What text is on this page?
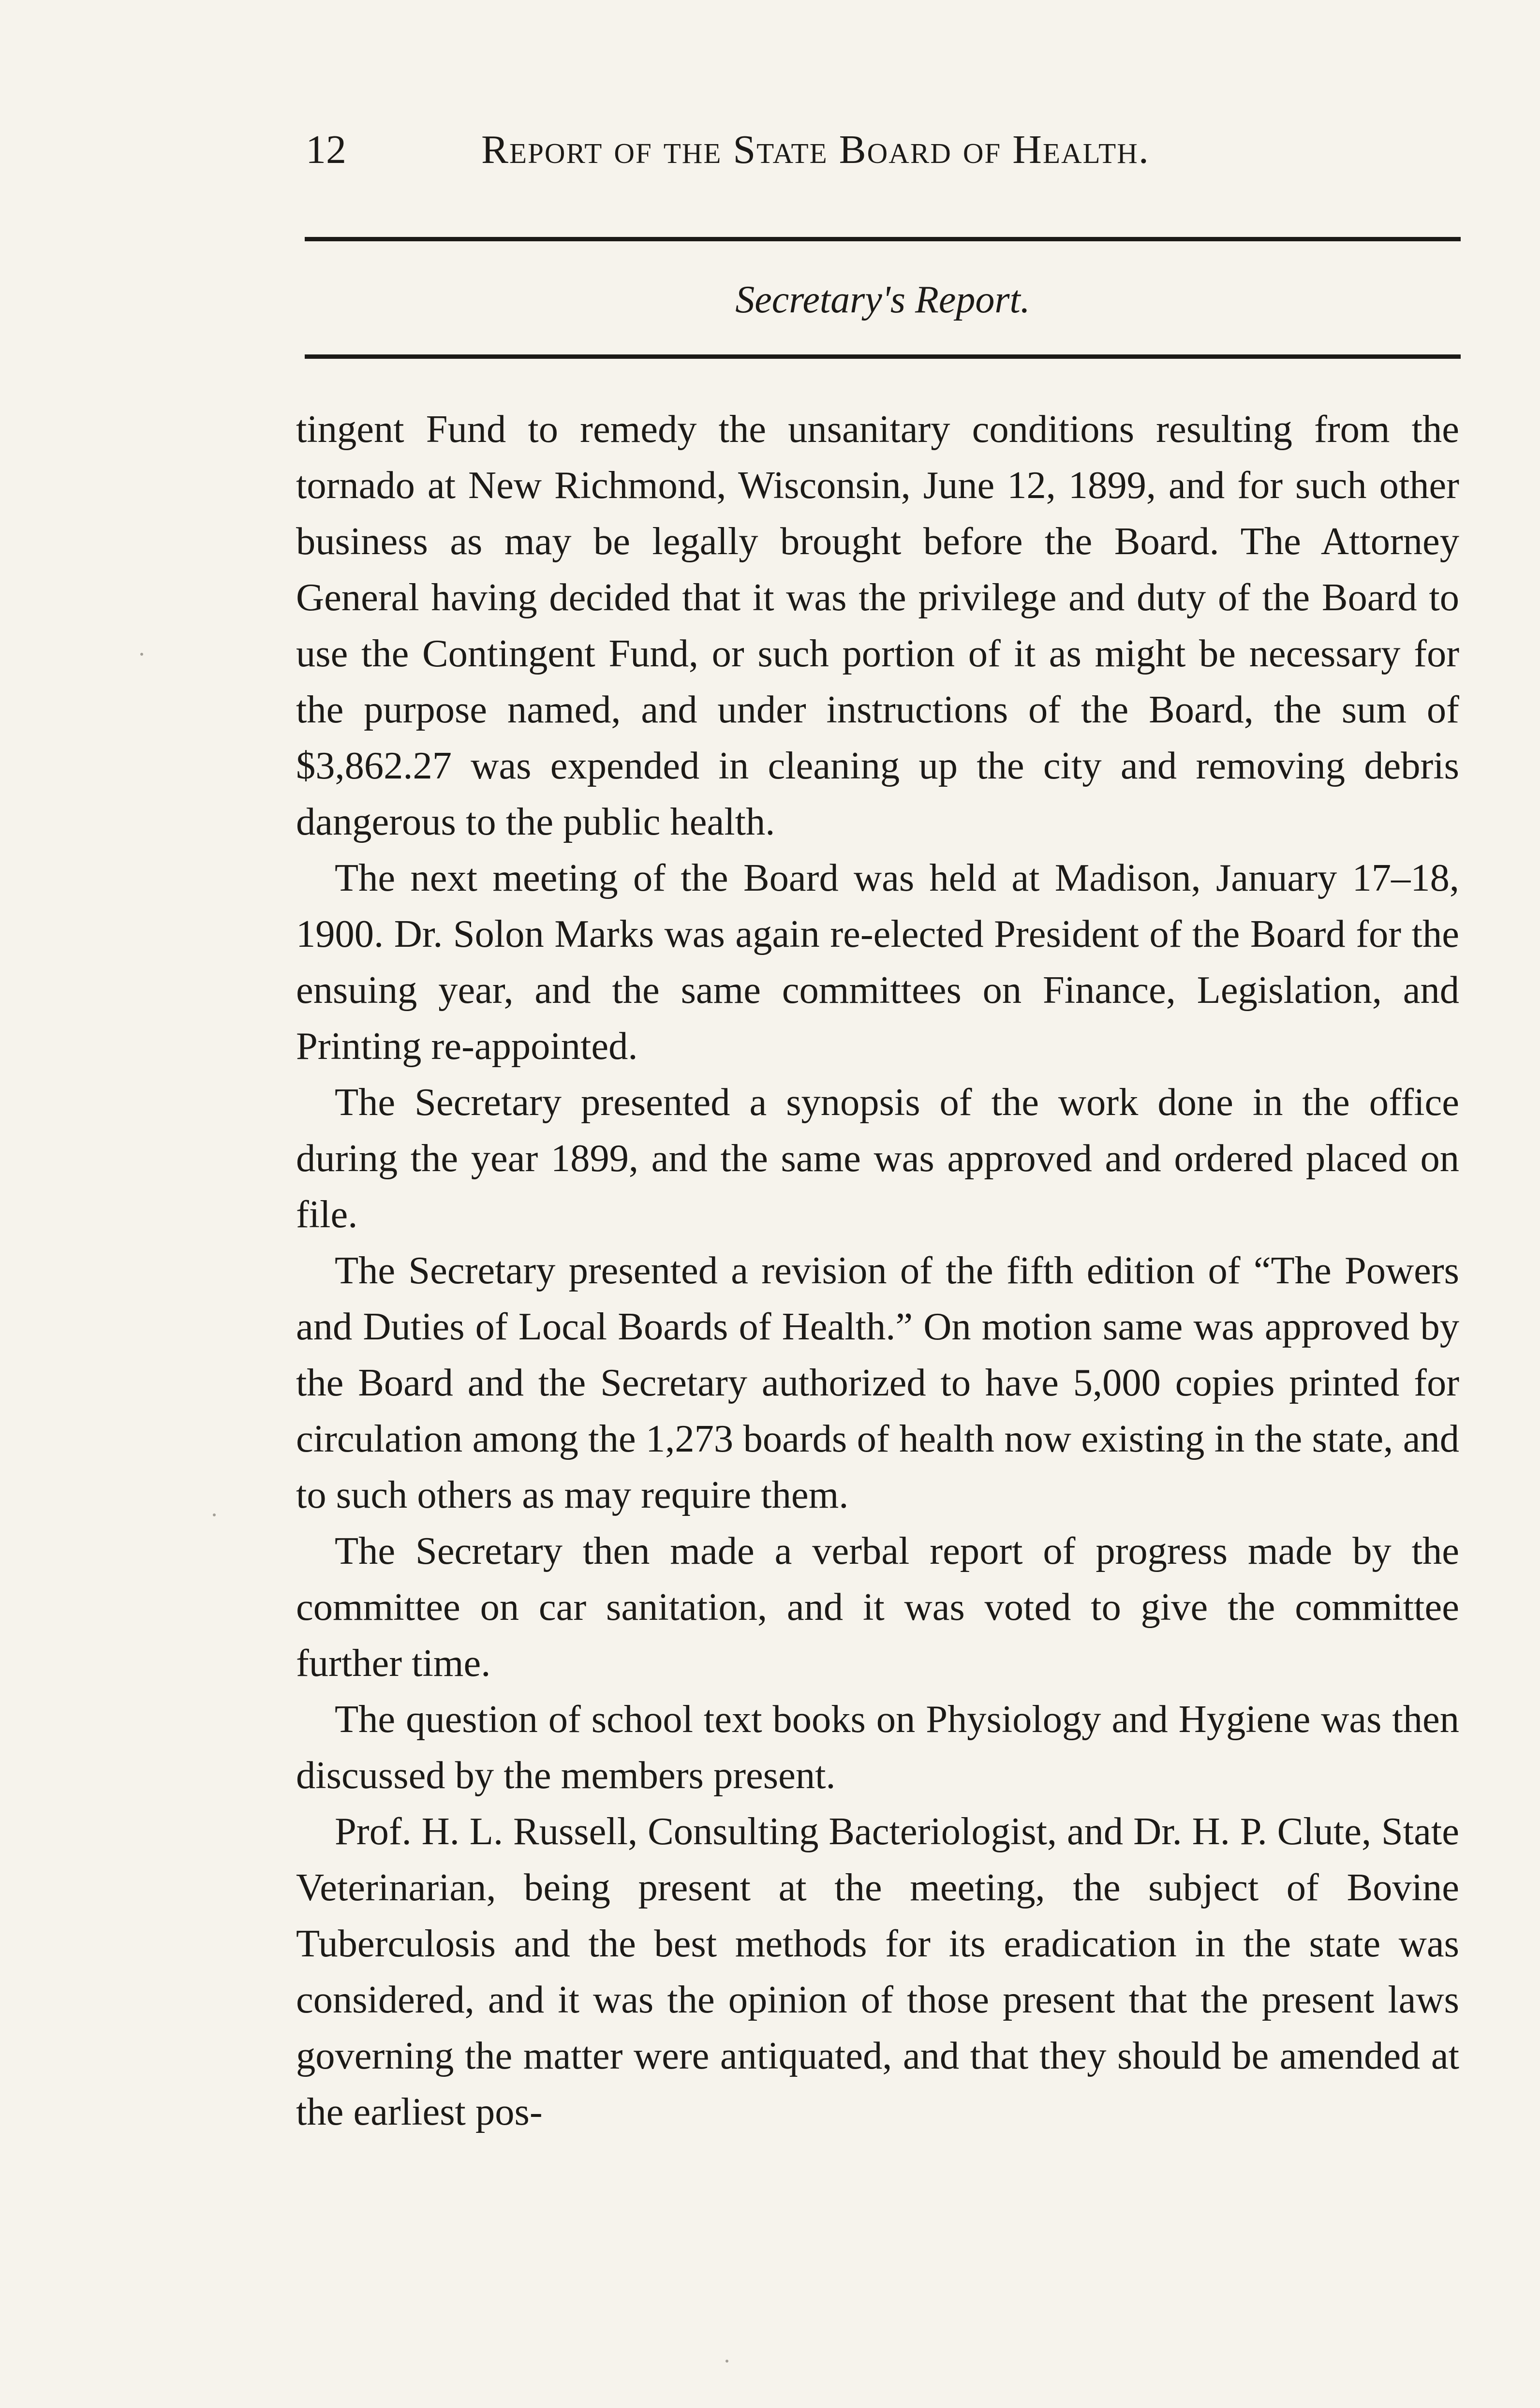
12	Report of the State Board of Health.
Secretary's Report.

tingent Fund to remedy the unsanitary conditions resulting from the tornado at New Richmond, Wisconsin, June 12, 1899, and for such other business as may be legally brought before the Board. The Attorney General having decided that it was the privilege and duty of the Board to use the Contingent Fund, or such portion of it as might be necessary for the purpose named, and under instructions of the Board, the sum of $3,862.27 was expended in cleaning up the city and removing debris dangerous to the public health.

The next meeting of the Board was held at Madison, January 17–18, 1900. Dr. Solon Marks was again re-elected President of the Board for the ensuing year, and the same committees on Finance, Legislation, and Printing re-appointed.

The Secretary presented a synopsis of the work done in the office during the year 1899, and the same was approved and ordered placed on file.

The Secretary presented a revision of the fifth edition of “The Powers and Duties of Local Boards of Health.” On motion same was approved by the Board and the Secretary authorized to have 5,000 copies printed for circulation among the 1,273 boards of health now existing in the state, and to such others as may require them.

The Secretary then made a verbal report of progress made by the committee on car sanitation, and it was voted to give the committee further time.

The question of school text books on Physiology and Hygiene was then discussed by the members present.

Prof. H. L. Russell, Consulting Bacteriologist, and Dr. H. P. Clute, State Veterinarian, being present at the meeting, the subject of Bovine Tuberculosis and the best methods for its eradication in the state was considered, and it was the opinion of those present that the present laws governing the matter were antiquated, and that they should be amended at the earliest pos-
